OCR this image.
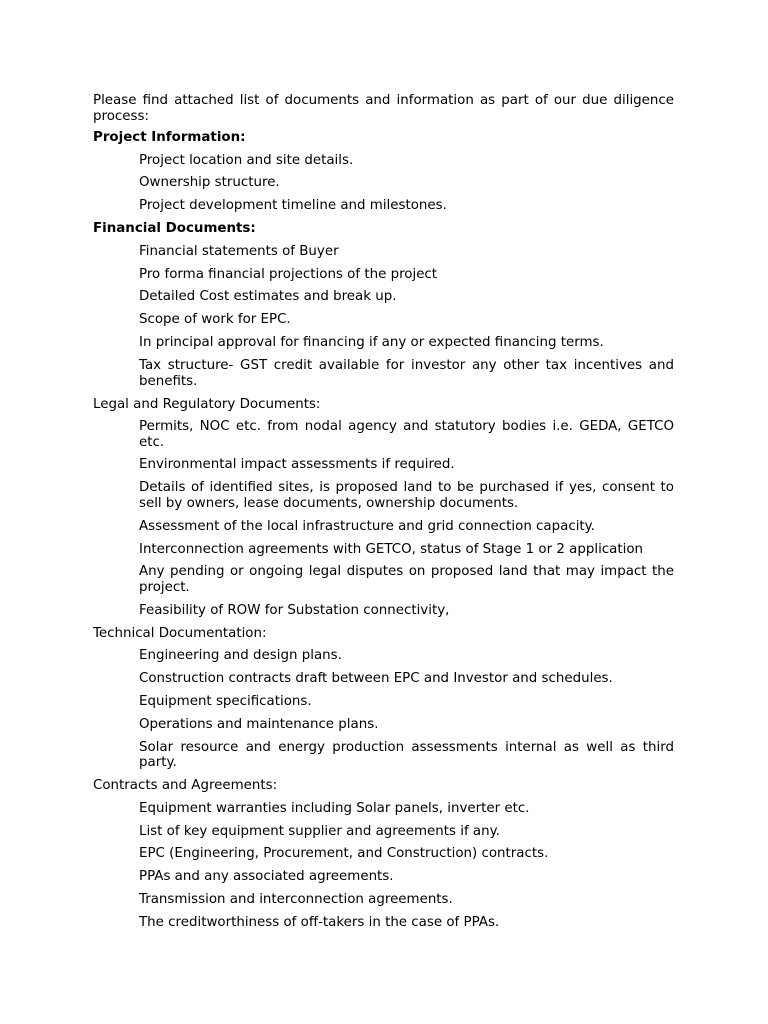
Please find attached list of documents and information as part of our due diligence process:

Project Information:
Project location and site details.
Ownership structure.
Project development timeline and milestones.
Financial Documents:
Financial statements of Buyer
Pro forma financial projections of the project
Detailed Cost estimates and break up.
Scope of work for EPC.
In principal approval for financing if any or expected financing terms.
Tax structure- GST credit available for investor any other tax incentives and benefits.
Legal and Regulatory Documents:
Permits, NOC etc. from nodal agency and statutory bodies i.e. GEDA, GETCO etc.
Environmental impact assessments if required.
Details of identified sites, is proposed land to be purchased if yes, consent to sell by owners, lease documents, ownership documents.
Assessment of the local infrastructure and grid connection capacity.
Interconnection agreements with GETCO, status of Stage 1 or 2 application
Any pending or ongoing legal disputes on proposed land that may impact the project.
Feasibility of ROW for Substation connectivity,
Technical Documentation:
Engineering and design plans.
Construction contracts draft between EPC and Investor and schedules.
Equipment specifications.
Operations and maintenance plans.
Solar resource and energy production assessments internal as well as third party.
Contracts and Agreements:
Equipment warranties including Solar panels, inverter etc.
List of key equipment supplier and agreements if any.
EPC (Engineering, Procurement, and Construction) contracts.
PPAs and any associated agreements.
Transmission and interconnection agreements.
The creditworthiness of off-takers in the case of PPAs.
